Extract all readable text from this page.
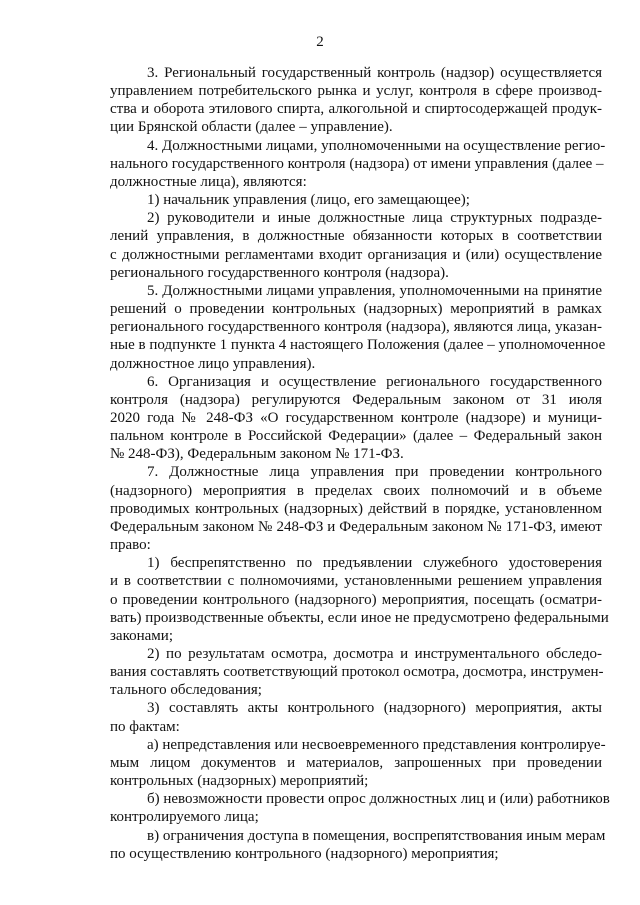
2

3. Региональный государственный контроль (надзор) осуществляется
управлением потребительского рынка и услуг, контроля в сфере производ-
ства и оборота этилового спирта, алкогольной и спиртосодержащей продук-
ции Брянской области (далее – управление).

4. Должностными лицами, уполномоченными на осуществление регио-
нального государственного контроля (надзора) от имени управления (далее –
должностные лица), являются:

1) начальник управления (лицо, его замещающее);

2) руководители и иные должностные лица структурных подразде-
лений управления, в должностные обязанности которых в соответствии
с должностными регламентами входит организация и (или) осуществление
регионального государственного контроля (надзора).

5. Должностными лицами управления, уполномоченными на принятие
решений о проведении контрольных (надзорных) мероприятий в рамках
регионального государственного контроля (надзора), являются лица, указан-
ные в подпункте 1 пункта 4 настоящего Положения (далее – уполномоченное
должностное лицо управления).

6. Организация и осуществление регионального государственного
контроля (надзора) регулируются Федеральным законом от 31 июля
2020 года № 248-ФЗ «О государственном контроле (надзоре) и муници-
пальном контроле в Российской Федерации» (далее – Федеральный закон
№ 248-ФЗ), Федеральным законом № 171-ФЗ.

7. Должностные лица управления при проведении контрольного
(надзорного) мероприятия в пределах своих полномочий и в объеме
проводимых контрольных (надзорных) действий в порядке, установленном
Федеральным законом № 248-ФЗ и Федеральным законом № 171-ФЗ, имеют
право:

1) беспрепятственно по предъявлении служебного удостоверения
и в соответствии с полномочиями, установленными решением управления
о проведении контрольного (надзорного) мероприятия, посещать (осматри-
вать) производственные объекты, если иное не предусмотрено федеральными
законами;

2) по результатам осмотра, досмотра и инструментального обследо-
вания составлять соответствующий протокол осмотра, досмотра, инструмен-
тального обследования;

3) составлять акты контрольного (надзорного) мероприятия, акты
по фактам:

а) непредставления или несвоевременного представления контролируе-
мым лицом документов и материалов, запрошенных при проведении
контрольных (надзорных) мероприятий;

б) невозможности провести опрос должностных лиц и (или) работников
контролируемого лица;

в) ограничения доступа в помещения, воспрепятствования иным мерам
по осуществлению контрольного (надзорного) мероприятия;
